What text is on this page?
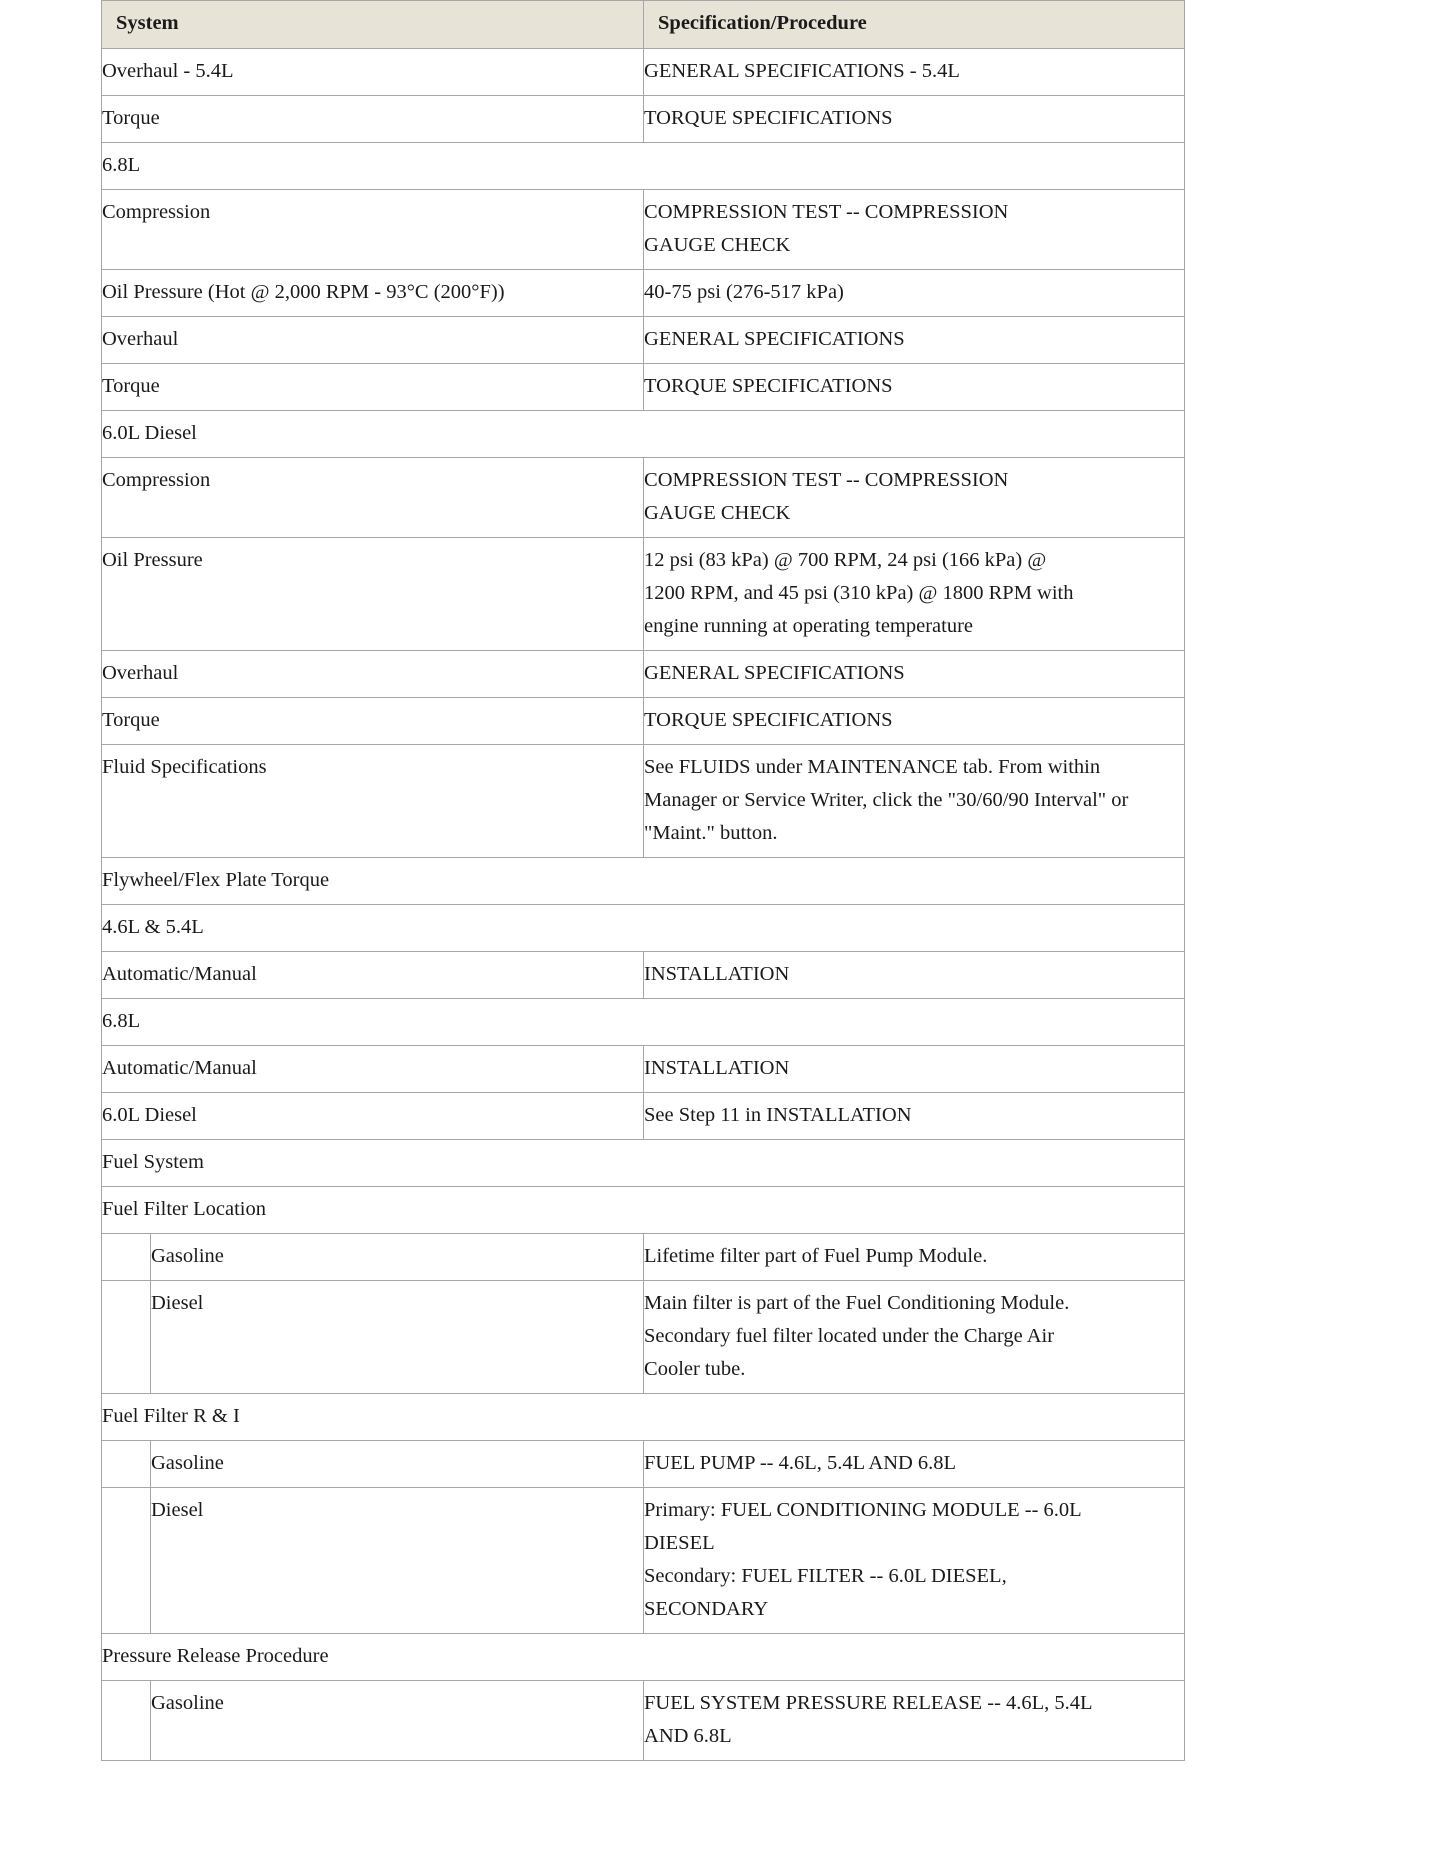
System		Specification/Procedure
Overhaul - 5.4L		GENERAL SPECIFICATIONS - 5.4L
Torque		TORQUE SPECIFICATIONS
6.8L		
Compression		COMPRESSION TEST -- COMPRESSION
GAUGE CHECK

Oil Pressure (Hot @ 2,000 RPM - 93°C (200°F))		40-75 psi (276-517 kPa)
Overhaul		GENERAL SPECIFICATIONS
Torque		TORQUE SPECIFICATIONS
6.0L Diesel		
Compression		COMPRESSION TEST -- COMPRESSION
GAUGE CHECK

Oil Pressure		12 psi (83 kPa) @ 700 RPM, 24 psi (166 kPa) @
1200 RPM, and 45 psi (310 kPa) @ 1800 RPM with
engine running at operating temperature

Overhaul		GENERAL SPECIFICATIONS
Torque		TORQUE SPECIFICATIONS
Fluid Specifications		See FLUIDS under MAINTENANCE tab. From within
Manager or Service Writer, click the "30/60/90 Interval" or
"Maint." button.

Flywheel/Flex Plate Torque		
4.6L & 5.4L		
Automatic/Manual		INSTALLATION
6.8L		
Automatic/Manual		INSTALLATION
6.0L Diesel		See Step 11 in INSTALLATION
Fuel System		
Fuel Filter Location		
	Gasoline	Lifetime filter part of Fuel Pump Module.
	Diesel	Main filter is part of the Fuel Conditioning Module.
Secondary fuel filter located under the Charge Air
Cooler tube.

Fuel Filter R & I		
	Gasoline	FUEL PUMP -- 4.6L, 5.4L AND 6.8L
	Diesel	Primary: FUEL CONDITIONING MODULE -- 6.0L
DIESEL
Secondary: FUEL FILTER -- 6.0L DIESEL,
SECONDARY

Pressure Release Procedure		
	Gasoline	FUEL SYSTEM PRESSURE RELEASE -- 4.6L, 5.4L
AND 6.8L
